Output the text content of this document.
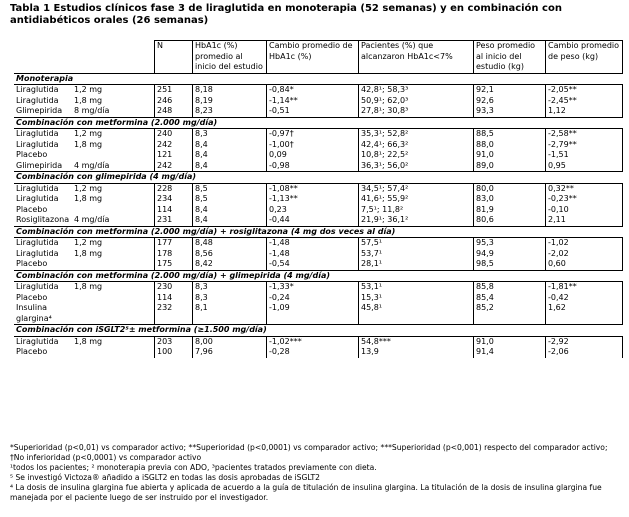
Tabla 1 Estudios clínicos fase 3 de liraglutida en monoterapia (52 semanas) y en combinación con antidiabéticos orales (26 semanas)
	N	HbA1c (%) promedio al inicio del estudio	Cambio promedio de HbA1c (%)	Pacientes (%) que alcanzaron HbA1c<7%	Peso promedio al inicio del estudio (kg)	Cambio promedio de peso (kg)
Monoterapia						
Liraglutida 1,2 mg	251	8,18	-0,84*	42,8¹; 58,3³	92,1	-2,05**
Liraglutida 1,8 mg	246	8,19	-1,14**	50,9¹; 62,0³	92,6	-2,45**
Glimepirida 8 mg/día	248	8,23	-0,51	27,8¹; 30,8³	93,3	1,12
Combinación con metformina (2.000 mg/día)						
Liraglutida 1,2 mg	240	8,3	-0,97†	35,3¹; 52,8²	88,5	-2,58**
Liraglutida 1,8 mg	242	8,4	-1,00†	42,4¹; 66,3²	88,0	-2,79**
Placebo	121	8,4	0,09	10,8¹; 22,5²	91,0	-1,51
Glimepirida 4 mg/día	242	8,4	-0,98	36,3¹; 56,0²	89,0	0,95
Combinación con glimepirida (4 mg/día)						
Liraglutida 1,2 mg	228	8,5	-1,08**	34,5¹; 57,4²	80,0	0,32**
Liraglutida 1,8 mg	234	8,5	-1,13**	41,6¹; 55,9²	83,0	-0,23**
Placebo	114	8,4	0,23	7,5¹; 11,8²	81,9	-0,10
Rosiglitazona 4 mg/día	231	8,4	-0,44	21,9¹; 36,1²	80,6	2,11
Combinación con metformina (2.000 mg/día) + rosiglitazona (4 mg dos veces al día)						
Liraglutida 1,2 mg	177	8,48	-1,48	57,5¹	95,3	-1,02
Liraglutida 1,8 mg	178	8,56	-1,48	53,7¹	94,9	-2,02
Placebo	175	8,42	-0,54	28,1¹	98,5	0,60
Combinación con metformina (2.000 mg/día) + glimepirida (4 mg/día)						
Liraglutida 1,8 mg	230	8,3	-1,33*	53,1¹	85,8	-1,81**
Placebo	114	8,3	-0,24	15,3¹	85,4	-0,42
Insulina glargina⁴	232	8,1	-1,09	45,8¹	85,2	1,62
Combinación con iSGLT2⁵± metformina (≥1.500 mg/día)						
Liraglutida 1,8 mg	203	8,00	-1,02***	54,8***	91,0	-2,92
Placebo	100	7,96	-0,28	13,9	91,4	-2,06
*Superioridad (p<0,01) vs comparador activo; **Superioridad (p<0,0001) vs comparador activo; ***Superioridad (p<0,001) respecto del comparador activo; †No inferioridad (p<0,0001) vs comparador activo
¹todos los pacientes; ² monoterapia previa con ADO, ³pacientes tratados previamente con dieta.
⁵ Se investigó Victoza® añadido a iSGLT2 en todas las dosis aprobadas de iSGLT2
⁴ La dosis de insulina glargina fue abierta y aplicada de acuerdo a la guía de titulación de insulina glargina. La titulación de la dosis de insulina glargina fue manejada por el paciente luego de ser instruido por el investigador.
